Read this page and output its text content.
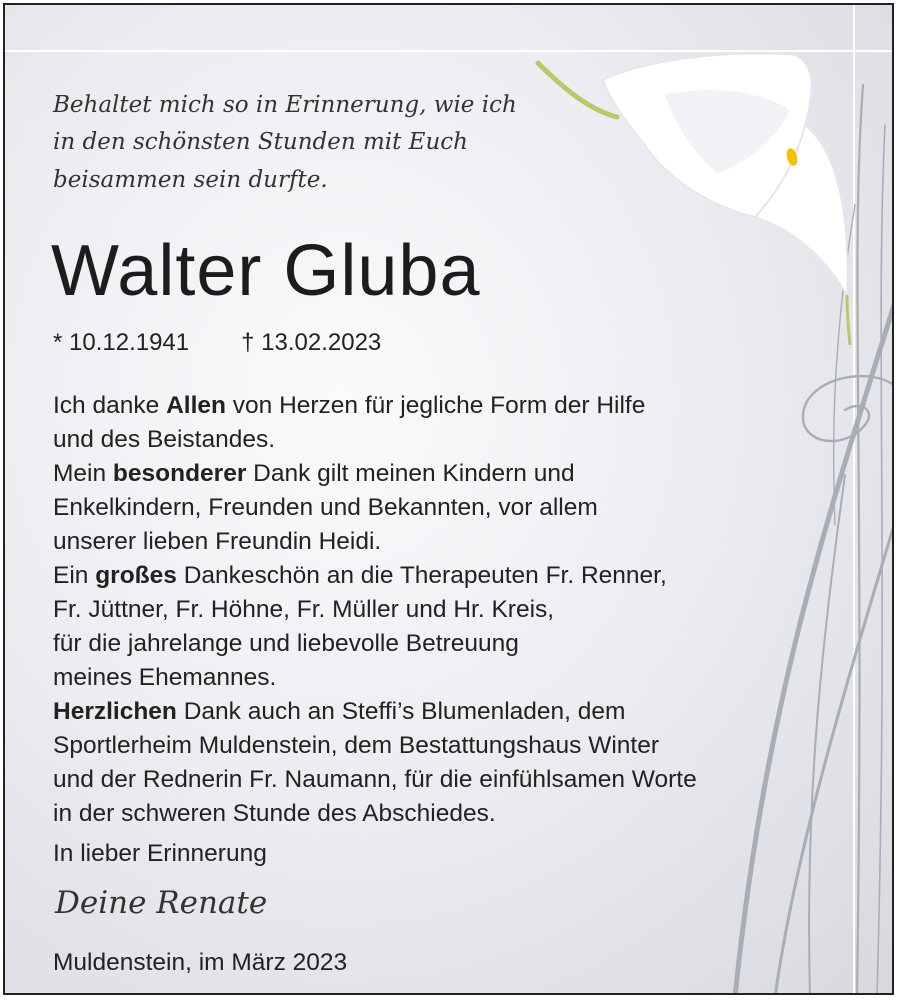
Behaltet mich so in Erinnerung, wie ich
in den schönsten Stunden mit Euch
beisammen sein durfte.
Walter Gluba
* 10.12.1941 † 13.02.2023
Ich danke Allen von Herzen für jegliche Form der Hilfe
und des Beistandes.
Mein besonderer Dank gilt meinen Kindern und
Enkelkindern, Freunden und Bekannten, vor allem
unserer lieben Freundin Heidi.
Ein großes Dankeschön an die Therapeuten Fr. Renner,
Fr. Jüttner, Fr. Höhne, Fr. Müller und Hr. Kreis,
für die jahrelange und liebevolle Betreuung
meines Ehemannes.
Herzlichen Dank auch an Steffi’s Blumenladen, dem
Sportlerheim Muldenstein, dem Bestattungshaus Winter
und der Rednerin Fr. Naumann, für die einfühlsamen Worte
in der schweren Stunde des Abschiedes.
In lieber Erinnerung
Deine Renate
Muldenstein, im März 2023
